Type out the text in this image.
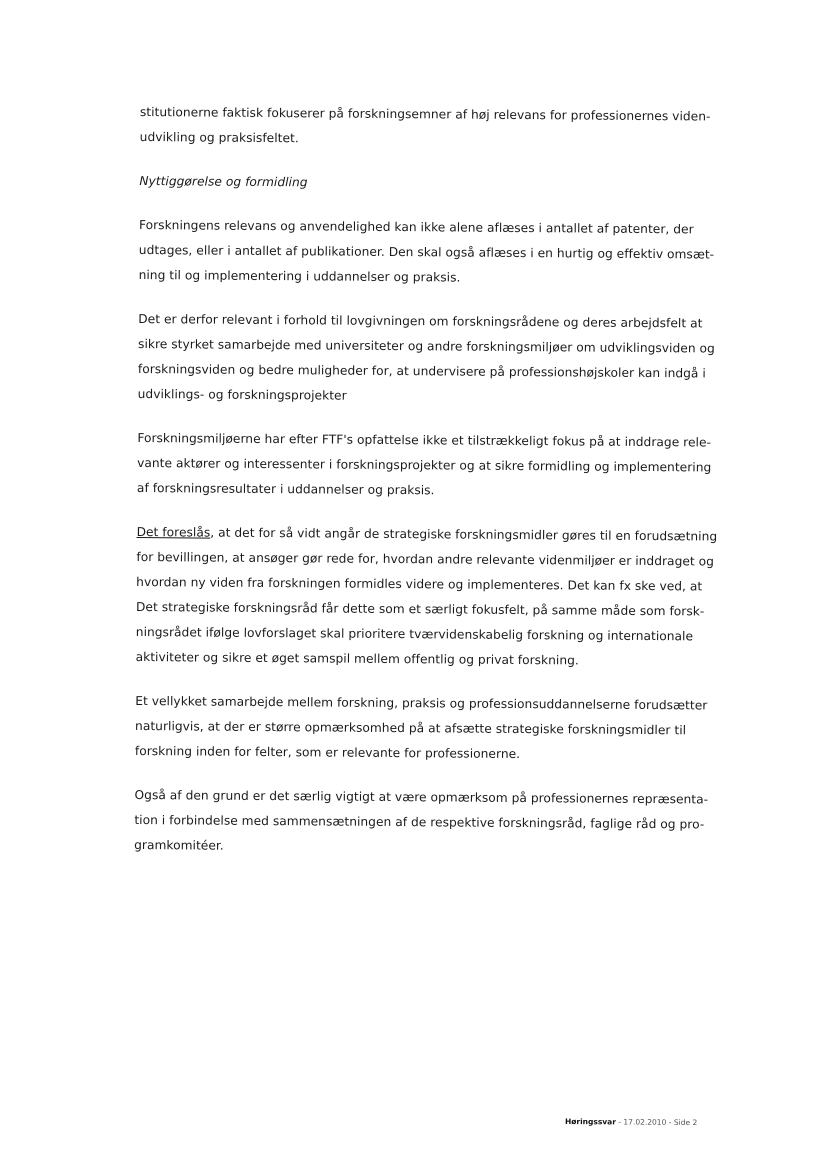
stitutionerne faktisk fokuserer på forskningsemner af høj relevans for professionernes viden-
udvikling og praksisfeltet.

Nyttiggørelse og formidling

Forskningens relevans og anvendelighed kan ikke alene aflæses i antallet af patenter, der
udtages, eller i antallet af publikationer. Den skal også aflæses i en hurtig og effektiv omsæt-
ning til og implementering i uddannelser og praksis.

Det er derfor relevant i forhold til lovgivningen om forskningsrådene og deres arbejdsfelt at
sikre styrket samarbejde med universiteter og andre forskningsmiljøer om udviklingsviden og
forskningsviden og bedre muligheder for, at undervisere på professionshøjskoler kan indgå i
udviklings- og forskningsprojekter

Forskningsmiljøerne har efter FTF's opfattelse ikke et tilstrækkeligt fokus på at inddrage rele-
vante aktører og interessenter i forskningsprojekter og at sikre formidling og implementering
af forskningsresultater i uddannelser og praksis.

Det foreslås, at det for så vidt angår de strategiske forskningsmidler gøres til en forudsætning
for bevillingen, at ansøger gør rede for, hvordan andre relevante videnmiljøer er inddraget og
hvordan ny viden fra forskningen formidles videre og implementeres. Det kan fx ske ved, at
Det strategiske forskningsråd får dette som et særligt fokusfelt, på samme måde som forsk-
ningsrådet ifølge lovforslaget skal prioritere tværvidenskabelig forskning og internationale
aktiviteter og sikre et øget samspil mellem offentlig og privat forskning.

Et vellykket samarbejde mellem forskning, praksis og professionsuddannelserne forudsætter
naturligvis, at der er større opmærksomhed på at afsætte strategiske forskningsmidler til
forskning inden for felter, som er relevante for professionerne.

Også af den grund er det særlig vigtigt at være opmærksom på professionernes repræsenta-
tion i forbindelse med sammensætningen af de respektive forskningsråd, faglige råd og pro-
gramkomitéer.

Høringssvar - 17.02.2010 - Side 2
